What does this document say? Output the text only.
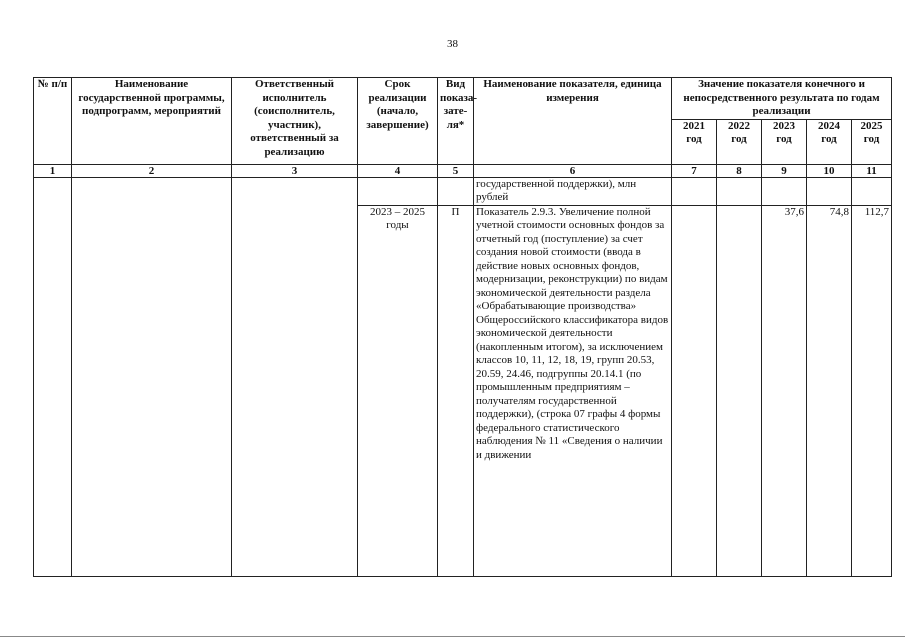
38
№ п/п	Наименование государственной программы, подпрограмм, мероприятий	Ответственный исполнитель (соисполнитель, участник), ответственный за реализацию	Срок реализации (начало, завершение)	Вид показа-зате-ля*	Наименование показателя, единица измерения	Значение показателя конечного и непосредственного результата по годам реализации				
						2021 год	2022 год	2023 год	2024 год	2025 год
1	2	3	4	5	6	7	8	9	10	11
					государственной поддержки), млн рублей					
			2023 – 2025 годы	П	Показатель 2.9.3. Увеличение полной учетной стоимости основных фондов за отчетный год (поступление) за счет создания новой стоимости (ввода в действие новых основных фондов, модернизации, реконструкции) по видам экономической деятельности раздела «Обрабатывающие производства» Общероссийского классификатора видов экономической деятельности (накопленным итогом), за исключением классов 10, 11, 12, 18, 19, групп 20.53, 20.59, 24.46, подгруппы 20.14.1 (по промышленным предприятиям – получателям государственной поддержки), (строка 07 графы 4 формы федерального статистического наблюдения № 11 «Сведения о наличии и движении			37,6	74,8	112,7
